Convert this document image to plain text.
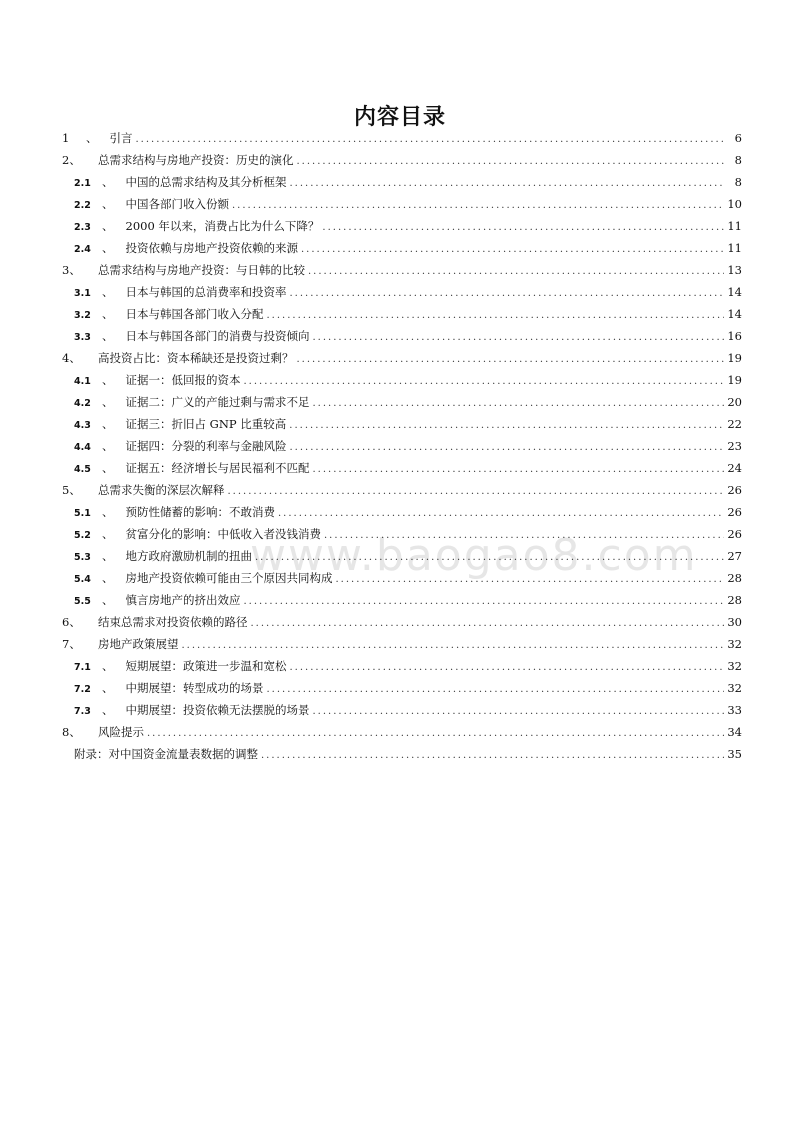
内容目录
www.baogao8.com
1	、 引言 .....	6
2、	总需求结构与房地产投资：历史的演化 .....	8
2.1 、 中国的总需求结构及其分析框架 .....	8
2.2 、 中国各部门收入份额 .....	10
2.3 、 2000 年以来，消费占比为什么下降？ .....	11
2.4 、 投资依赖与房地产投资依赖的来源 .....	11
3、	总需求结构与房地产投资：与日韩的比较 .....	13
3.1 、 日本与韩国的总消费率和投资率 .....	14
3.2 、 日本与韩国各部门收入分配 .....	14
3.3 、 日本与韩国各部门的消费与投资倾向 .....	16
4、	高投资占比：资本稀缺还是投资过剩？ .....	19
4.1 、 证据一：低回报的资本 .....	19
4.2 、 证据二：广义的产能过剩与需求不足 .....	20
4.3 、 证据三：折旧占 GNP 比重较高 .....	22
4.4 、 证据四：分裂的利率与金融风险 .....	23
4.5 、 证据五：经济增长与居民福利不匹配 .....	24
5、	总需求失衡的深层次解释 .....	26
5.1 、 预防性储蓄的影响：不敢消费 .....	26
5.2 、 贫富分化的影响：中低收入者没钱消费 .....	26
5.3 、 地方政府激励机制的扭曲 .....	27
5.4 、 房地产投资依赖可能由三个原因共同构成 .....	28
5.5 、 慎言房地产的挤出效应 .....	28
6、	结束总需求对投资依赖的路径 .....	30
7、	房地产政策展望 .....	32
7.1 、 短期展望：政策进一步温和宽松 .....	32
7.2 、 中期展望：转型成功的场景 .....	32
7.3 、 中期展望：投资依赖无法摆脱的场景 .....	33
8、	风险提示 .....	34
附录：对中国资金流量表数据的调整 .....	35
